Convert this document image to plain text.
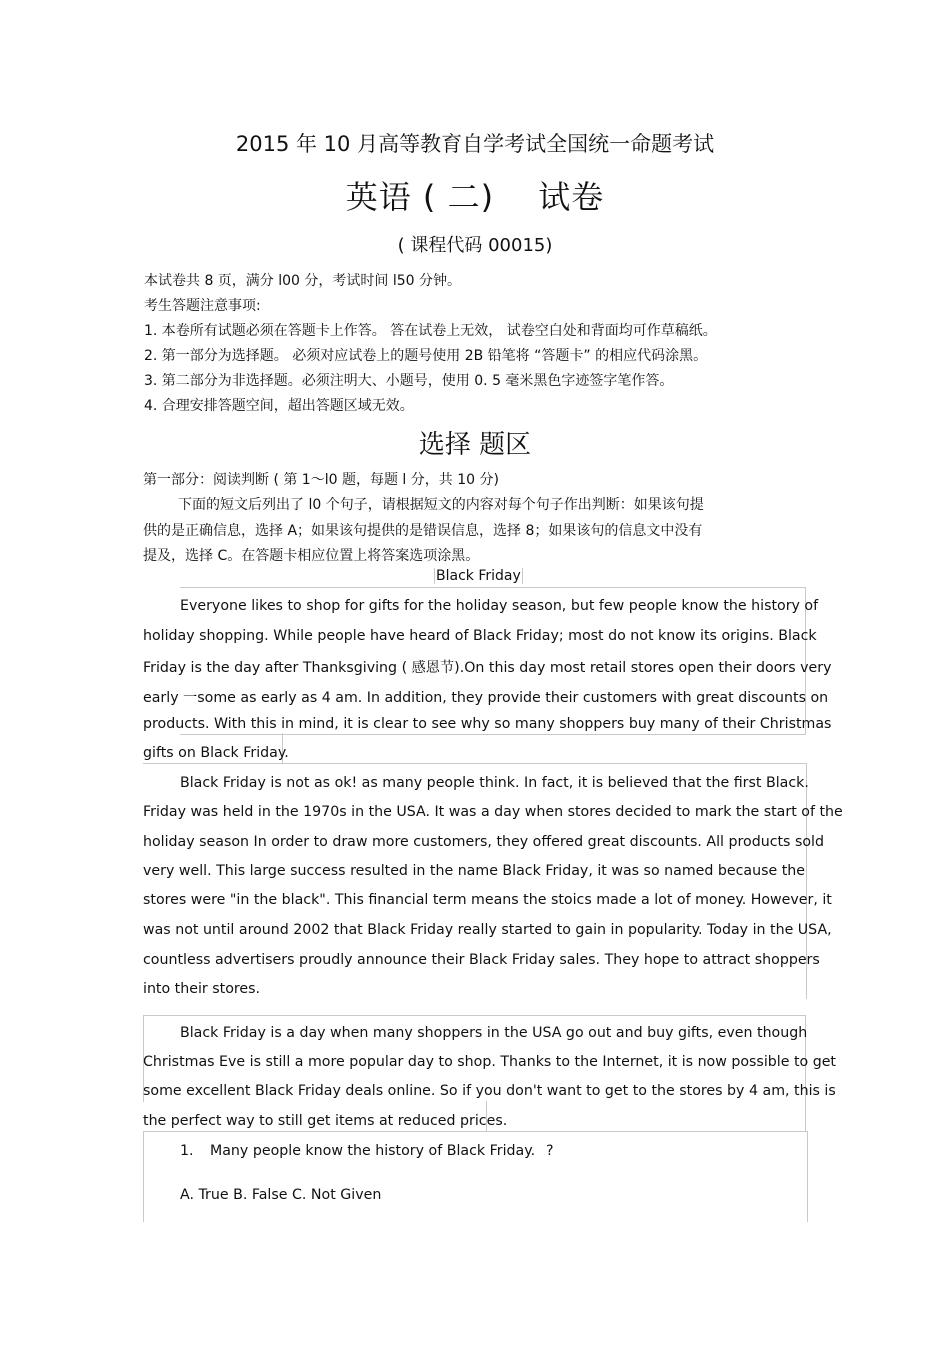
2015 年 10 月高等教育自学考试全国统一命题考试
英语 ( 二)　 试卷
( 课程代码 00015)
本试卷共 8 页，满分 l00 分，考试时间 l50 分钟。
考生答题注意事项:
1. 本卷所有试题必须在答题卡上作答。 答在试卷上无效， 试卷空白处和背面均可作草稿纸。
2. 第一部分为选择题。 必须对应试卷上的题号使用 2B 铅笔将 “答题卡” 的相应代码涂黑。
3. 第二部分为非选择题。必须注明大、小题号，使用 0. 5 毫米黑色字迹签字笔作答。
4. 合理安排答题空间，超出答题区域无效。
选择 题区
第一部分：阅读判断 ( 第 1～l0 题，每题 l 分，共 10 分)
下面的短文后列出了 l0 个句子，请根据短文的内容对每个句子作出判断：如果该句提
供的是正确信息，选择 A；如果该句提供的是错误信息，选择 8；如果该句的信息文中没有
提及，选择 C。在答题卡相应位置上将答案选项涂黑。
Black Friday
Everyone likes to shop for gifts for the holiday season, but few people know the history of
holiday shopping. While people have heard of Black Friday; most do not know its origins. Black
Friday is the day after Thanksgiving ( 感恩节).On this day most retail stores open their doors very
early 一some as early as 4 am. In addition, they provide their customers with great discounts on
products. With this in mind, it is clear to see why so many shoppers buy many of their Christmas
gifts on Black Friday.
Black Friday is not as ok! as many people think. In fact, it is believed that the first Black.
Friday was held in the 1970s in the USA. It was a day when stores decided to mark the start of the
holiday season In order to draw more customers, they offered great discounts. All products sold
very well. This large success resulted in the name Black Friday, it was so named because the
stores were "in the black". This financial term means the stoics made a lot of money. However, it
was not until around 2002 that Black Friday really started to gain in popularity. Today in the USA,
countless advertisers proudly announce their Black Friday sales. They hope to attract shoppers
into their stores.
Black Friday is a day when many shoppers in the USA go out and buy gifts, even though
Christmas Eve is still a more popular day to shop. Thanks to the Internet, it is now possible to get
some excellent Black Friday deals online. So if you don't want to get to the stores by 4 am, this is
the perfect way to still get items at reduced prices.
1. Many people know the history of Black Friday. ?
A. True B. False C. Not Given
